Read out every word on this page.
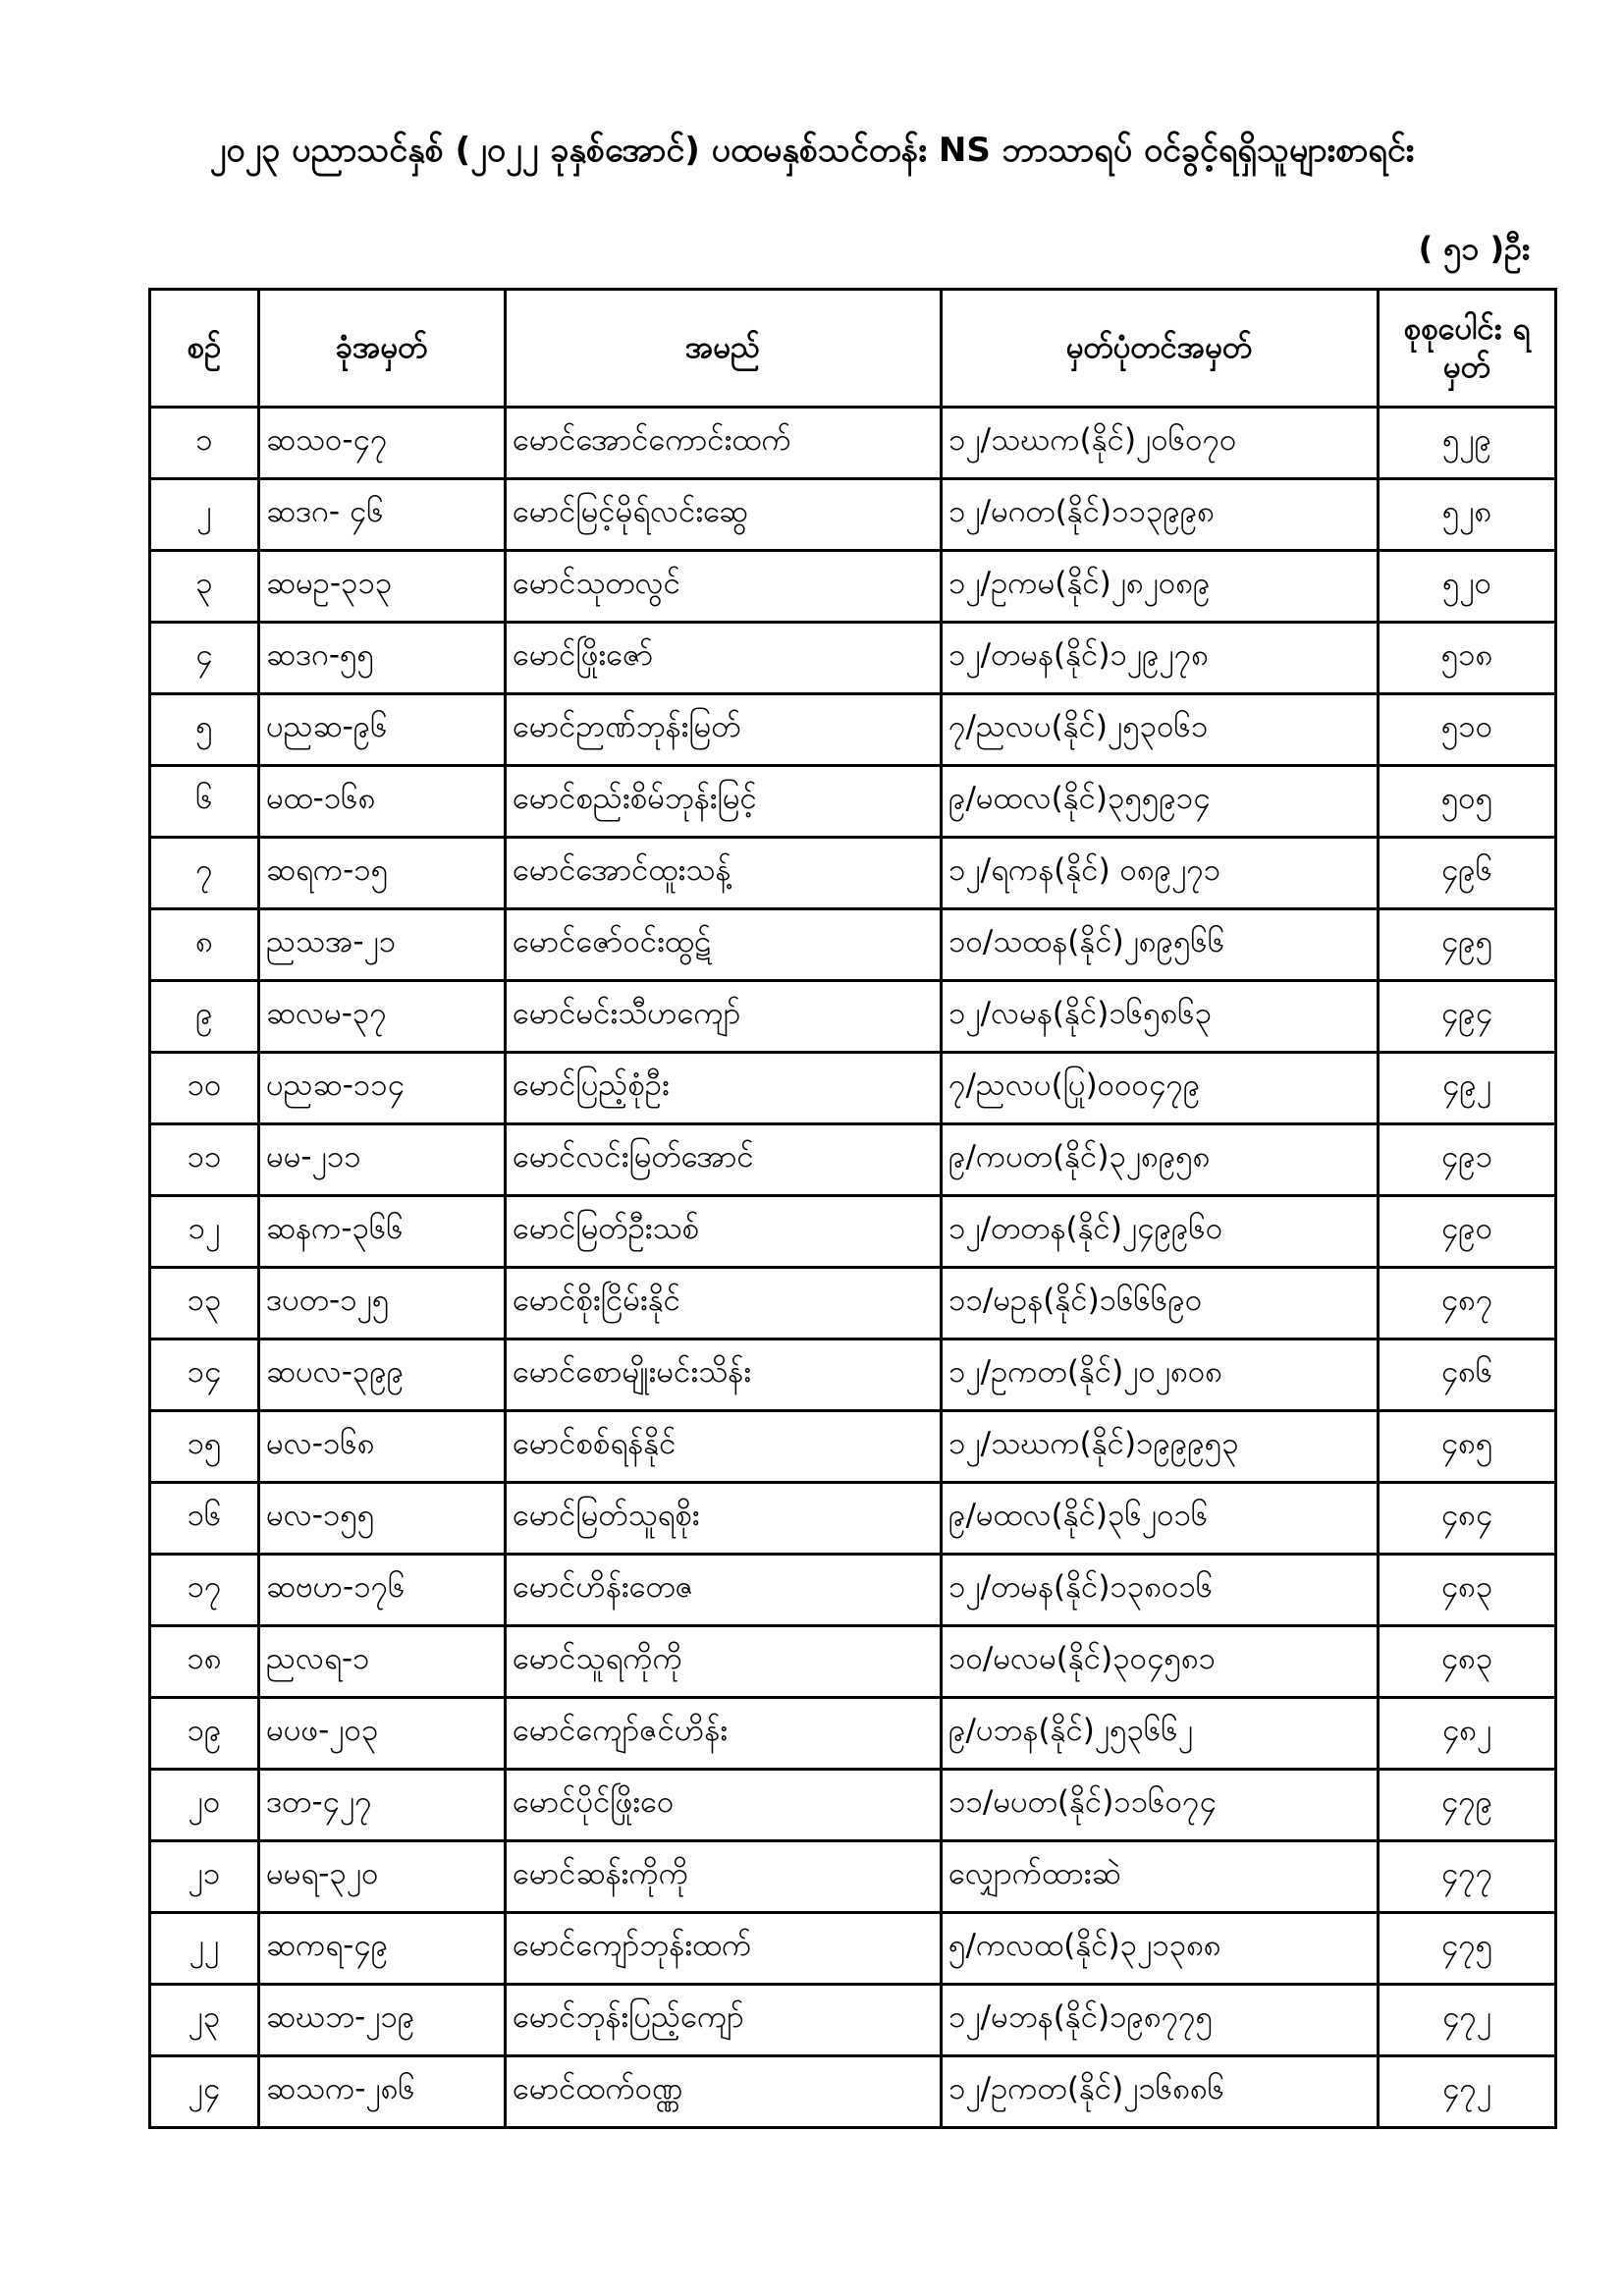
၂၀၂၃ ပညာသင်နှစ် (၂၀၂၂ ခုနှစ်အောင်) ပထမနှစ်သင်တန်း NS ဘာသာရပ် ဝင်ခွင့်ရရှိသူများစာရင်း
( ၅၁ )ဦး
စဉ်	ခုံအမှတ်	အမည်	မှတ်ပုံတင်အမှတ်	စုစုပေါင်း ရမှတ်
၁	ဆသဝ-၄၇	မောင်အောင်ကောင်းထက်	၁၂/သဃက(နိုင်)၂၀၆၀၇၀	၅၂၉
၂	ဆဒဂ- ၄၆	မောင်မြင့်မိုရ်လင်းဆွေ	၁၂/မဂတ(နိုင်)၁၁၃၉၉၈	၅၂၈
၃	ဆမဥ-၃၁၃	မောင်သုတလွင်	၁၂/ဥကမ(နိုင်)၂၈၂၀၈၉	၅၂၀
၄	ဆဒဂ-၅၅	မောင်ဖြိုးဇော်	၁၂/တမန(နိုင်)၁၂၉၂၇၈	၅၁၈
၅	ပညဆ-၉၆	မောင်ဉာဏ်ဘုန်းမြတ်	၇/ညလပ(နိုင်)၂၅၃၀၆၁	၅၁၀
၆	မထ-၁၆၈	မောင်စည်းစိမ်ဘုန်းမြင့်	၉/မထလ(နိုင်)၃၅၅၉၁၄	၅၀၅
၇	ဆရက-၁၅	မောင်အောင်ထူးသန့်	၁၂/ရကန(နိုင်) ၀၈၉၂၇၁	၄၉၆
၈	ညသအ-၂၁	မောင်ဇော်ဝင်းထွဋ်	၁၀/သထန(နိုင်)၂၈၉၅၆၆	၄၉၅
၉	ဆလမ-၃၇	မောင်မင်းသီဟကျော်	၁၂/လမန(နိုင်)၁၆၅၈၆၃	၄၉၄
၁၀	ပညဆ-၁၁၄	မောင်ပြည့်စုံဦး	၇/ညလပ(ပြု)၀၀၀၄၇၉	၄၉၂
၁၁	မမ-၂၁၁	မောင်လင်းမြတ်အောင်	၉/ကပတ(နိုင်)၃၂၈၉၅၈	၄၉၁
၁၂	ဆနက-၃၆၆	မောင်မြတ်ဦးသစ်	၁၂/တတန(နိုင်)၂၄၉၉၆၀	၄၉၀
၁၃	ဒပတ-၁၂၅	မောင်စိုးငြိမ်းနိုင်	၁၁/မဥန(နိုင်)၁၆၆၆၉၀	၄၈၇
၁၄	ဆပလ-၃၉၉	မောင်စောမျိုးမင်းသိန်း	၁၂/ဥကတ(နိုင်)၂၀၂၈၀၈	၄၈၆
၁၅	မလ-၁၆၈	မောင်စစ်ရန်နိုင်	၁၂/သဃက(နိုင်)၁၉၉၉၅၃	၄၈၅
၁၆	မလ-၁၅၅	မောင်မြတ်သူရစိုး	၉/မထလ(နိုင်)၃၆၂၀၁၆	၄၈၄
၁၇	ဆဗဟ-၁၇၆	မောင်ဟိန်းတေဇ	၁၂/တမန(နိုင်)၁၃၈၀၁၆	၄၈၃
၁၈	ညလရ-၁	မောင်သူရကိုကို	၁၀/မလမ(နိုင်)၃၀၄၅၈၁	၄၈၃
၁၉	မပဖ-၂၀၃	မောင်ကျော်ဇင်ဟိန်း	၉/ပဘန(နိုင်)၂၅၃၆၆၂	၄၈၂
၂၀	ဒတ-၄၂၇	မောင်ပိုင်ဖြိုးဝေ	၁၁/မပတ(နိုင်)၁၁၆၀၇၄	၄၇၉
၂၁	မမရ-၃၂၀	မောင်ဆန်းကိုကို	လျှောက်ထားဆဲ	၄၇၇
၂၂	ဆကရ-၄၉	မောင်ကျော်ဘုန်းထက်	၅/ကလထ(နိုင်)၃၂၁၃၈၈	၄၇၅
၂၃	ဆဃဘ-၂၁၉	မောင်ဘုန်းပြည့်ကျော်	၁၂/မဘန(နိုင်)၁၉၈၇၇၅	၄၇၂
၂၄	ဆသက-၂၈၆	မောင်ထက်ဝဏ္ဏ	၁၂/ဥကတ(နိုင်)၂၁၆၈၈၆	၄၇၂
